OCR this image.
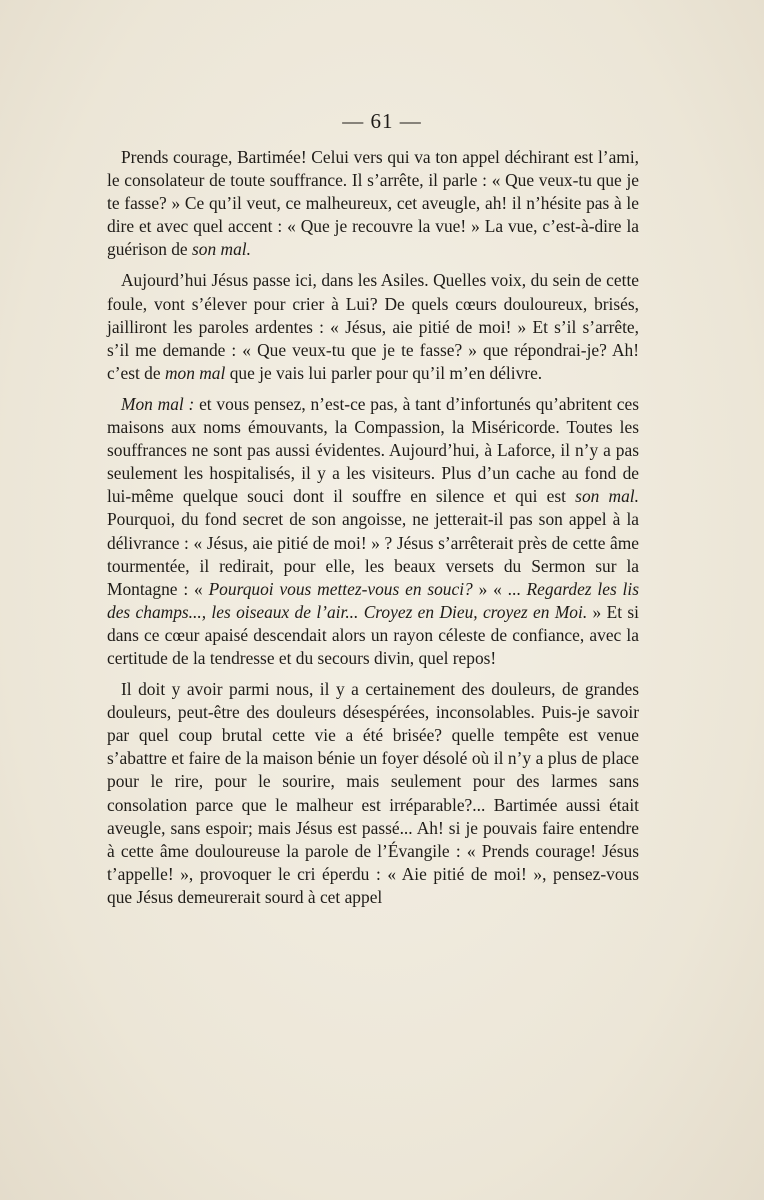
— 61 —

Prends courage, Bartimée! Celui vers qui va ton appel déchirant est l’ami, le consolateur de toute souffrance. Il s’arrête, il parle : « Que veux-tu que je te fasse? » Ce qu’il veut, ce malheureux, cet aveugle, ah! il n’hésite pas à le dire et avec quel accent : « Que je recouvre la vue! » La vue, c’est-à-dire la guérison de son mal.

Aujourd’hui Jésus passe ici, dans les Asiles. Quelles voix, du sein de cette foule, vont s’élever pour crier à Lui? De quels cœurs douloureux, brisés, jailliront les paroles ardentes : « Jésus, aie pitié de moi! » Et s’il s’arrête, s’il me demande : « Que veux-tu que je te fasse? » que répondrai-je? Ah! c’est de mon mal que je vais lui parler pour qu’il m’en délivre.

Mon mal : et vous pensez, n’est-ce pas, à tant d’infortunés qu’abritent ces maisons aux noms émouvants, la Compassion, la Miséricorde. Toutes les souffrances ne sont pas aussi évidentes. Aujourd’hui, à Laforce, il n’y a pas seulement les hospitalisés, il y a les visiteurs. Plus d’un cache au fond de lui-même quelque souci dont il souffre en silence et qui est son mal. Pourquoi, du fond secret de son angoisse, ne jetterait-il pas son appel à la délivrance : « Jésus, aie pitié de moi! » ? Jésus s’arrêterait près de cette âme tourmentée, il redirait, pour elle, les beaux versets du Sermon sur la Montagne : « Pourquoi vous mettez-vous en souci? » « ... Regardez les lis des champs..., les oiseaux de l’air... Croyez en Dieu, croyez en Moi. » Et si dans ce cœur apaisé descendait alors un rayon céleste de confiance, avec la certitude de la tendresse et du secours divin, quel repos!

Il doit y avoir parmi nous, il y a certainement des douleurs, de grandes douleurs, peut-être des douleurs désespérées, inconsolables. Puis-je savoir par quel coup brutal cette vie a été brisée? quelle tempête est venue s’abattre et faire de la maison bénie un foyer désolé où il n’y a plus de place pour le rire, pour le sourire, mais seulement pour des larmes sans consolation parce que le malheur est irréparable?... Bartimée aussi était aveugle, sans espoir; mais Jésus est passé... Ah! si je pouvais faire entendre à cette âme douloureuse la parole de l’Évangile : « Prends courage! Jésus t’appelle! », provoquer le cri éperdu : « Aie pitié de moi! », pensez-vous que Jésus demeurerait sourd à cet appel
